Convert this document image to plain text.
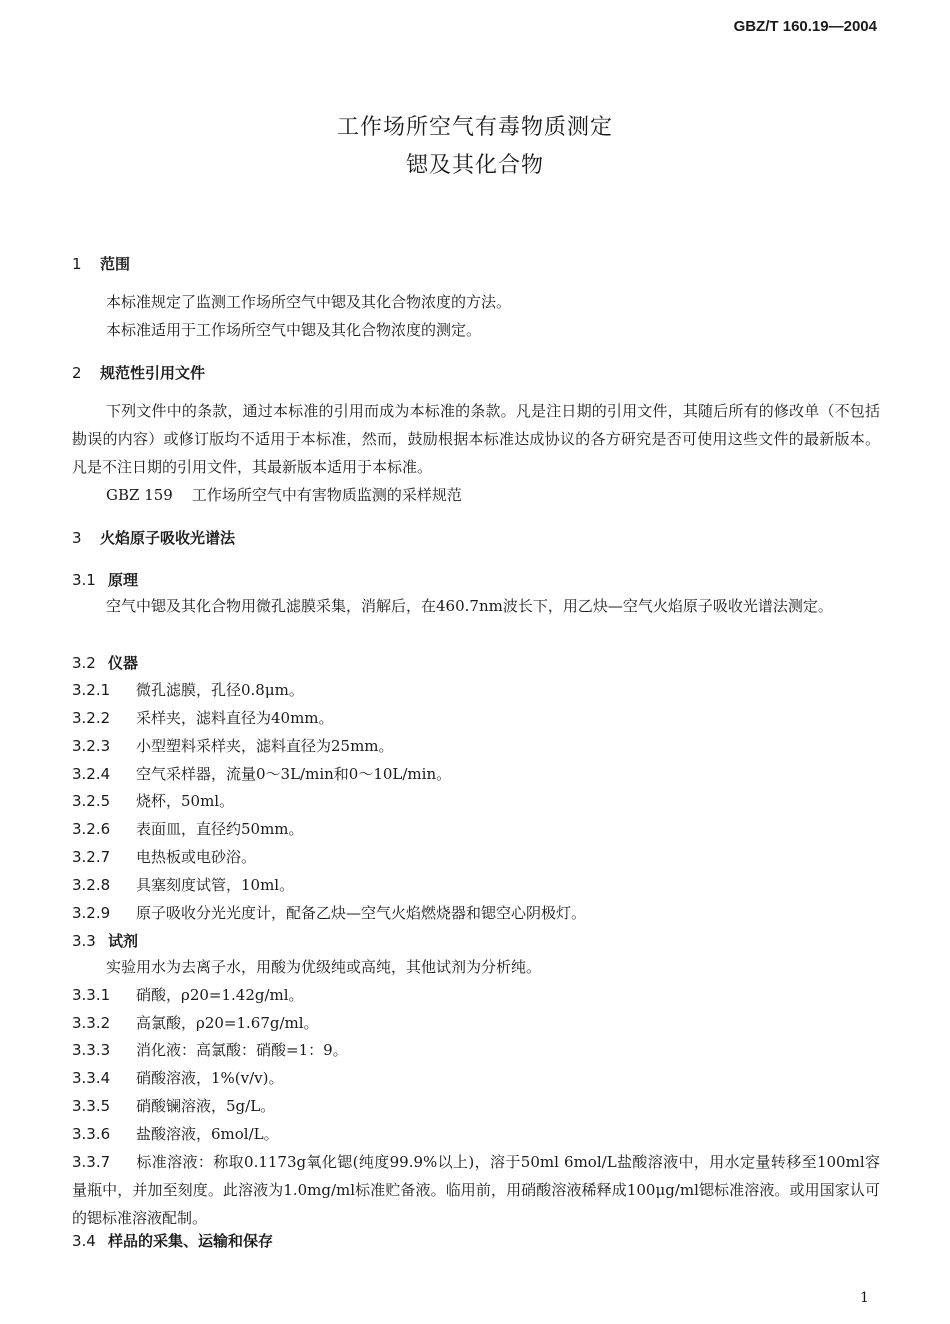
GBZ/T 160.19—2004
工作场所空气有毒物质测定
锶及其化合物
1 范围
本标准规定了监测工作场所空气中锶及其化合物浓度的方法。
本标准适用于工作场所空气中锶及其化合物浓度的测定。
2 规范性引用文件
下列文件中的条款，通过本标准的引用而成为本标准的条款。凡是注日期的引用文件，其随后所有的修改单（不包括勘误的内容）或修订版均不适用于本标准，然而，鼓励根据本标准达成协议的各方研究是否可使用这些文件的最新版本。凡是不注日期的引用文件，其最新版本适用于本标准。
GBZ 159    工作场所空气中有害物质监测的采样规范
3 火焰原子吸收光谱法
3.1 原理
空气中锶及其化合物用微孔滤膜采集，消解后，在460.7nm波长下，用乙炔—空气火焰原子吸收光谱法测定。
3.2 仪器
3.2.1 微孔滤膜，孔径0.8μm。
3.2.2 采样夹，滤料直径为40mm。
3.2.3 小型塑料采样夹，滤料直径为25mm。
3.2.4 空气采样器，流量0～3L/min和0～10L/min。
3.2.5 烧杯，50ml。
3.2.6 表面皿，直径约50mm。
3.2.7 电热板或电砂浴。
3.2.8 具塞刻度试管，10ml。
3.2.9 原子吸收分光光度计，配备乙炔—空气火焰燃烧器和锶空心阴极灯。
3.3 试剂
实验用水为去离子水，用酸为优级纯或高纯，其他试剂为分析纯。
3.3.1 硝酸，ρ20=1.42g/ml。
3.3.2 高氯酸，ρ20=1.67g/ml。
3.3.3 消化液：高氯酸：硝酸=1：9。
3.3.4 硝酸溶液，1%(v/v)。
3.3.5 硝酸镧溶液，5g/L。
3.3.6 盐酸溶液，6mol/L。
3.3.7 标准溶液：称取0.1173g氧化锶(纯度99.9%以上)，溶于50ml 6mol/L盐酸溶液中，用水定量转移至100ml容量瓶中，并加至刻度。此溶液为1.0mg/ml标准贮备液。临用前，用硝酸溶液稀释成100μg/ml锶标准溶液。或用国家认可的锶标准溶液配制。
3.4 样品的采集、运输和保存
1
